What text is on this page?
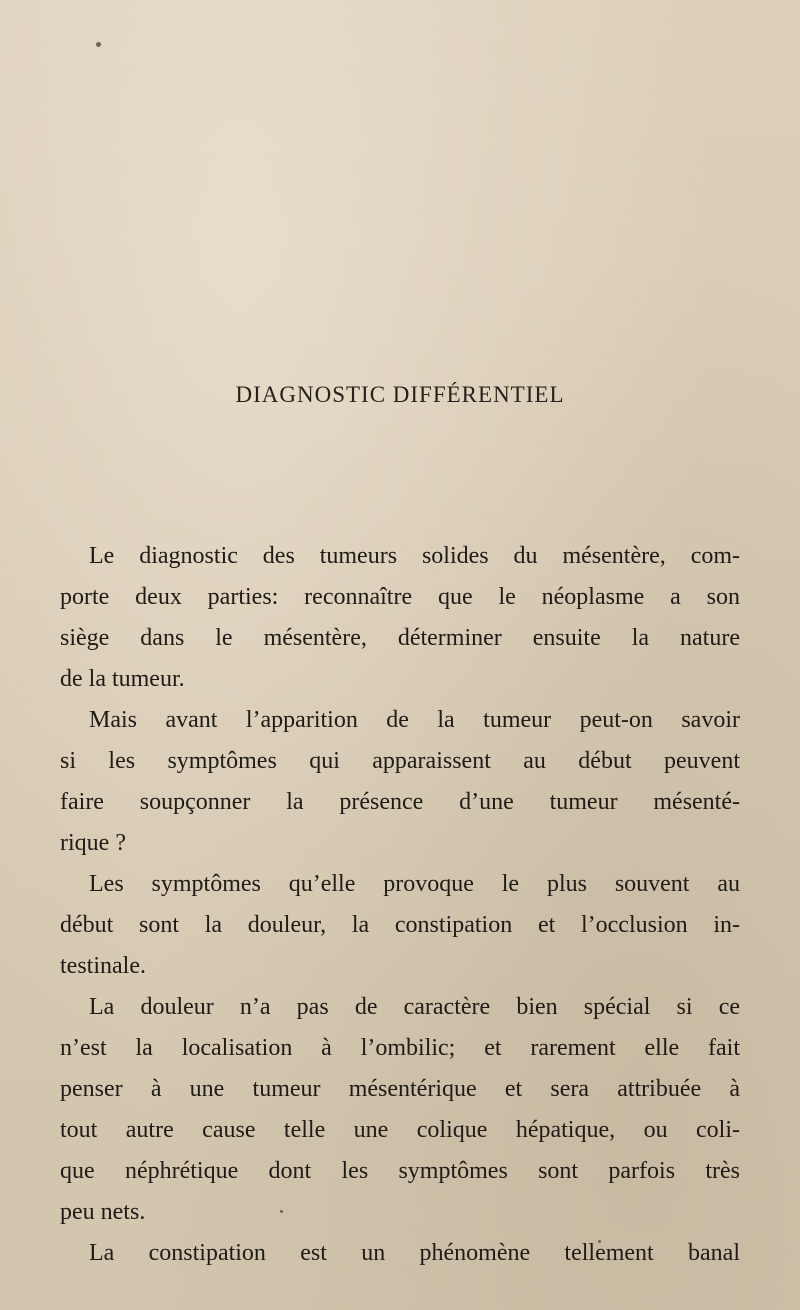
DIAGNOSTIC DIFFÉRENTIEL
Le diagnostic des tumeurs solides du mésentère, com-
porte deux parties: reconnaître que le néoplasme a son
siège dans le mésentère, déterminer ensuite la nature
de la tumeur.
Mais avant l’apparition de la tumeur peut-on savoir
si les symptômes qui apparaissent au début peuvent
faire soupçonner la présence d’une tumeur mésenté-
rique ?
Les symptômes qu’elle provoque le plus souvent au
début sont la douleur, la constipation et l’occlusion in-
testinale.
La douleur n’a pas de caractère bien spécial si ce
n’est la localisation à l’ombilic; et rarement elle fait
penser à une tumeur mésentérique et sera attribuée à
tout autre cause telle une colique hépatique, ou coli-
que néphrétique dont les symptômes sont parfois très
peu nets.
La constipation est un phénomène tellement banal
